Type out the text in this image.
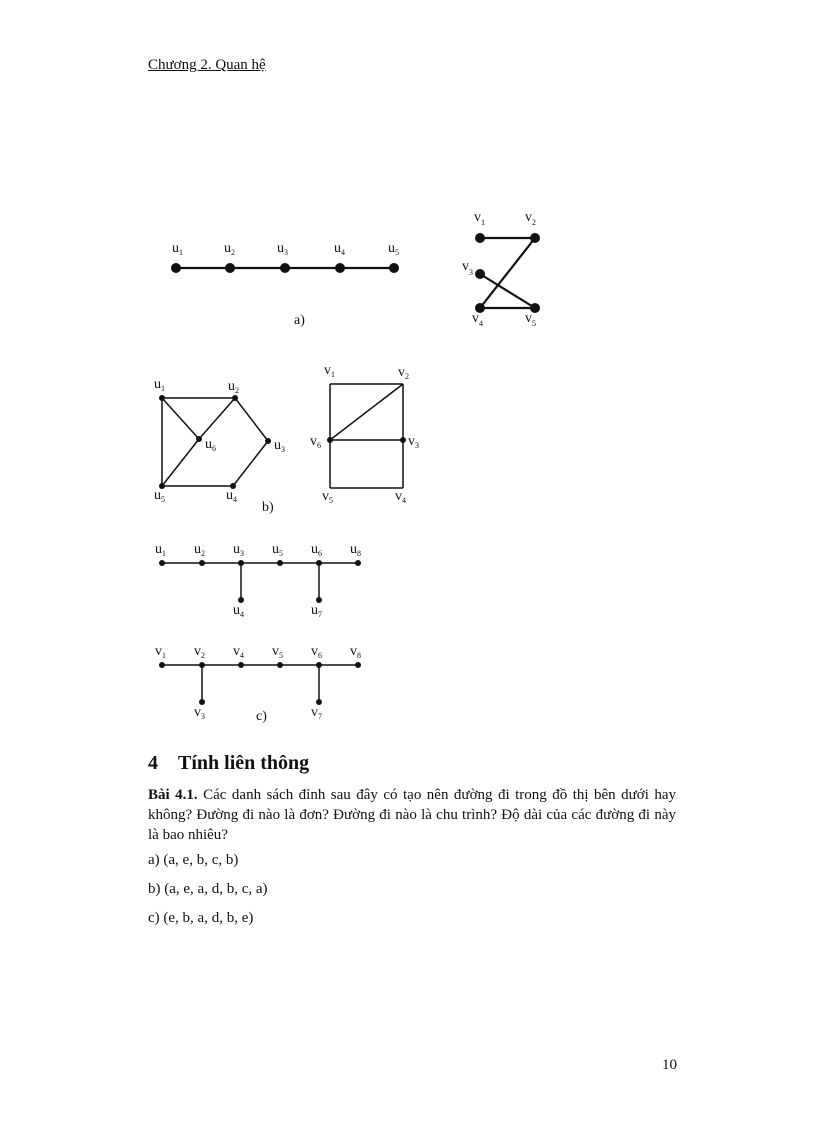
Chương 2. Quan hệ
$u_1$	$u_2$	$u_3$	$u_4$	$u_5$
$v_1$	$v_2$
$v_3$
$v_4$	$v_5$
a)
$u_1$	$u_2$
$u_3$
$u_4$
$u_5$
$u_6$
$v_1$	$v_2$
$v_3$
$v_4$
$v_5$
$v_6$
b)
$u_1$ $u_2$ $u_3$
$u_4$
$u_5$ $u_6$
$u_7$
$u_8$
$v_1$ $v_2$
$v_3$
$v_4$ $v_5$ $v_6$
$v_7$
$v_8$
c)
4 Tính liên thông

Bài 4.1. Các danh sách đỉnh sau đây có tạo nên đường đi trong đồ thị bên dưới hay không? Đường đi nào là đơn? Đường đi nào là chu trình? Độ dài của các đường đi này là bao nhiêu?

a) (a, e, b, c, b)

b) (a, e, a, d, b, c, a)

c) (e, b, a, d, b, e)

10
